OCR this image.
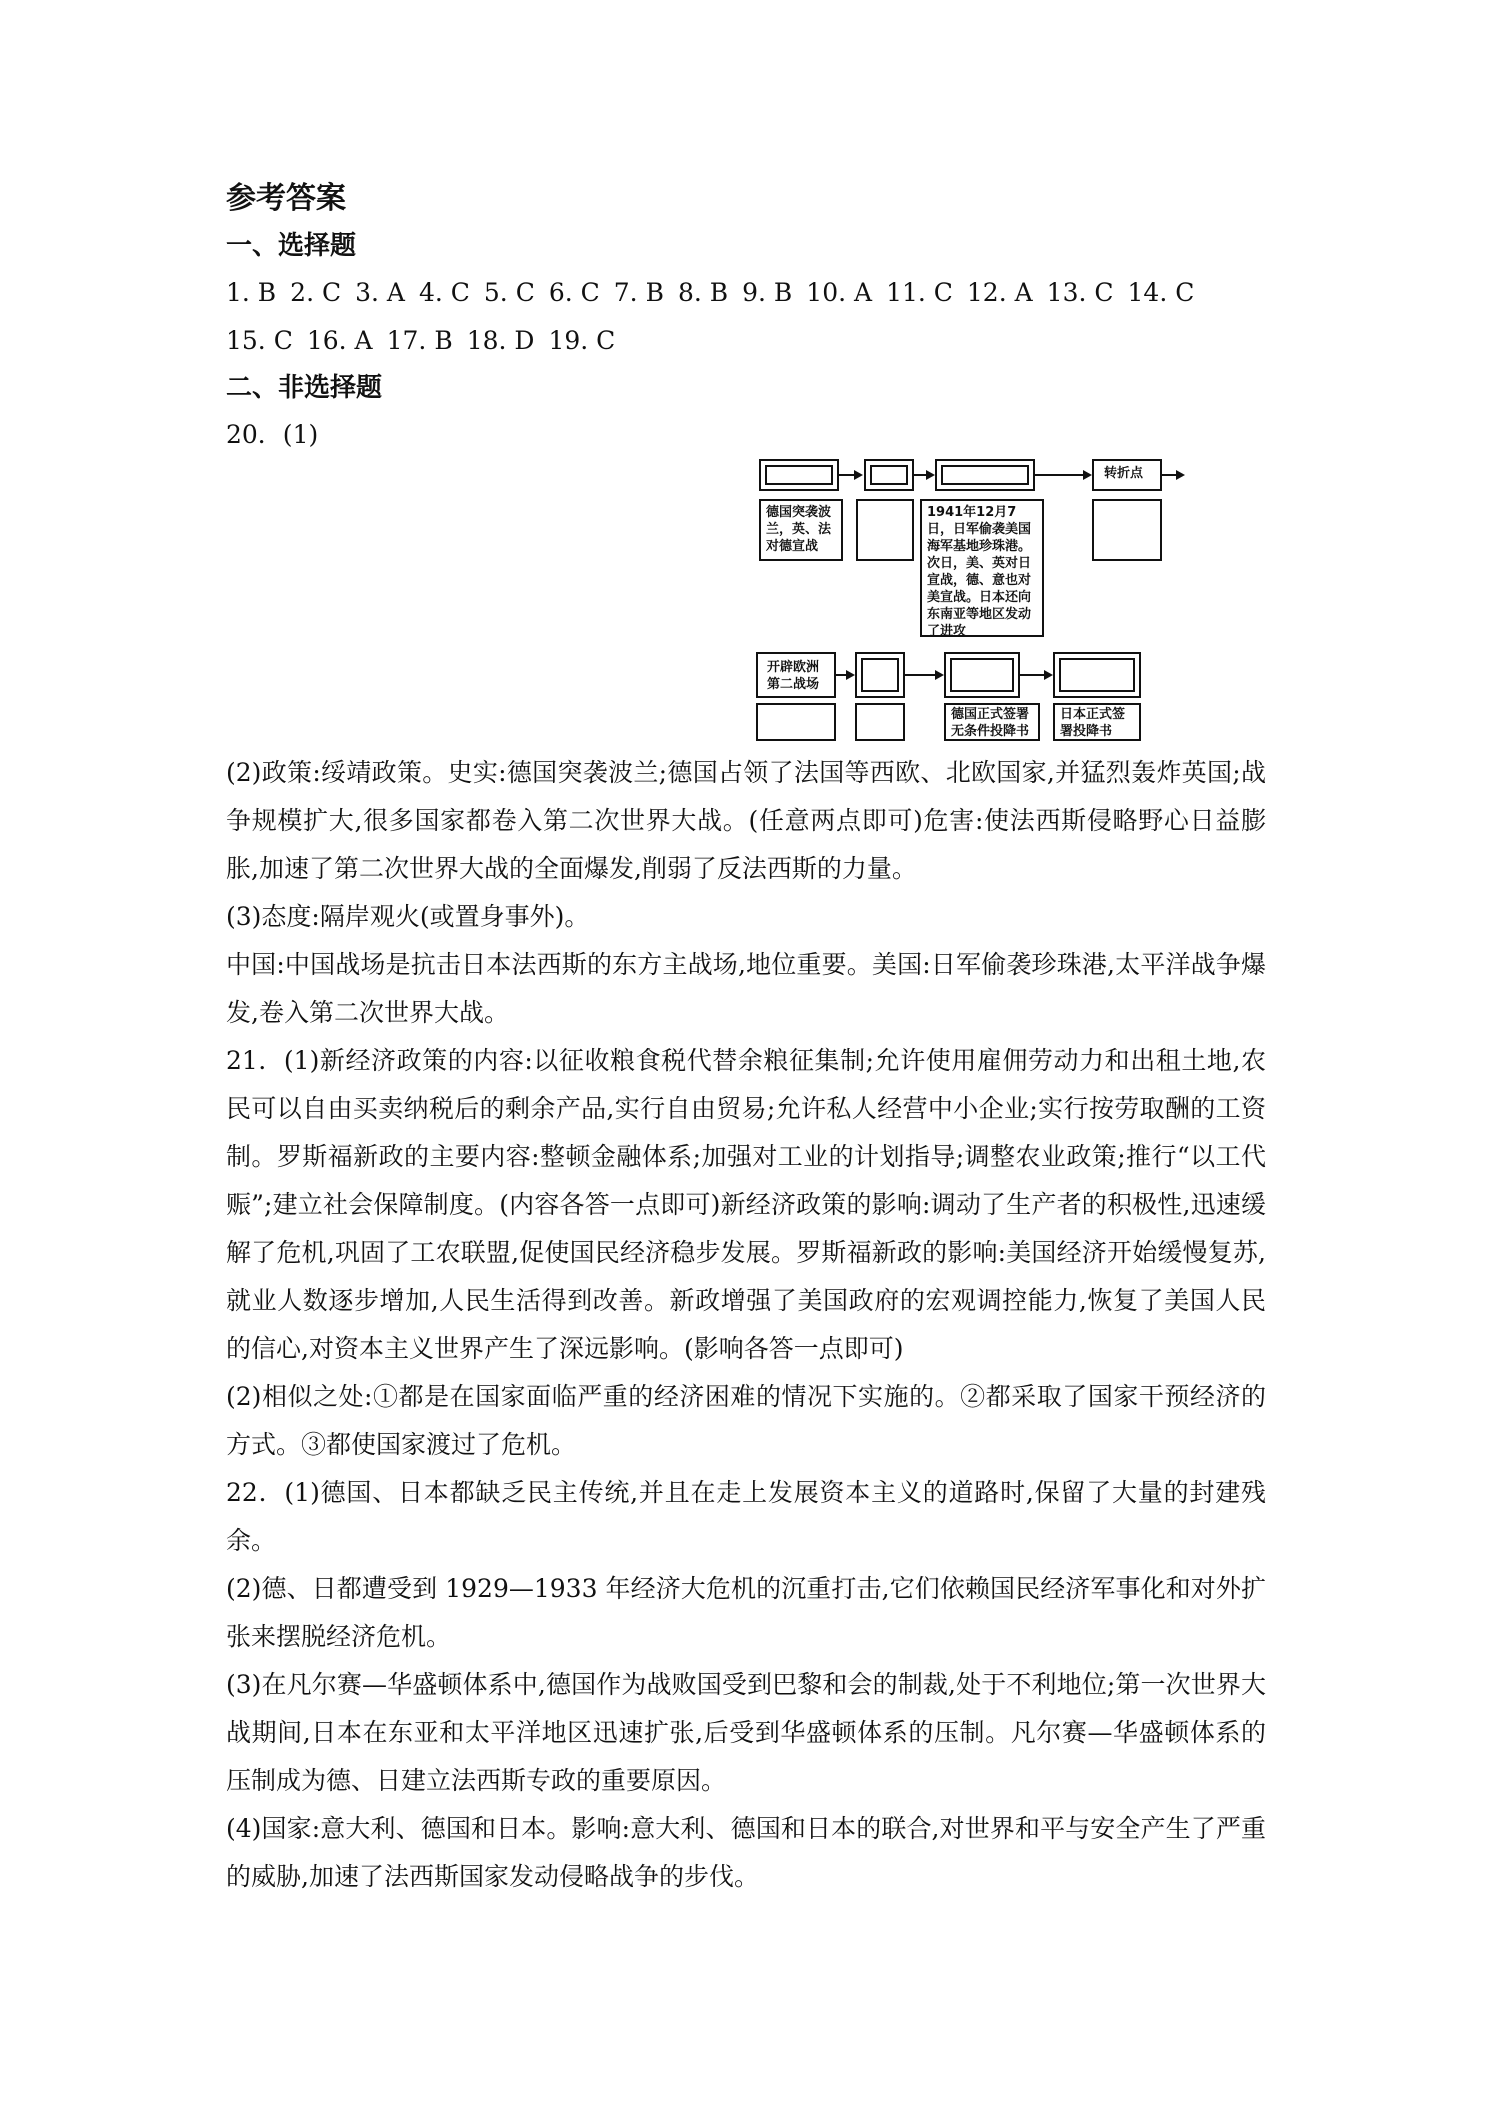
参考答案
一、选择题
1. B 2. C 3. A 4. C 5. C 6. C 7. B 8. B 9. B 10. A 11. C 12. A 13. C 14. C
15. C 16. A 17. B 18. D 19. C
二、非选择题
20．(1)
转折点
德国突袭波兰，英、法对德宣战
1941年12月7日，日军偷袭美国海军基地珍珠港。次日，美、英对日宣战，德、意也对美宣战。日本还向东南亚等地区发动了进攻
开辟欧洲第二战场
德国正式签署无条件投降书
日本正式签署投降书

(2)政策:绥靖政策。史实:德国突袭波兰;德国占领了法国等西欧、北欧国家,并猛烈轰炸英国;战争规模扩大,很多国家都卷入第二次世界大战。(任意两点即可)危害:使法西斯侵略野心日益膨胀,加速了第二次世界大战的全面爆发,削弱了反法西斯的力量。

(3)态度:隔岸观火(或置身事外)。

中国:中国战场是抗击日本法西斯的东方主战场,地位重要。美国:日军偷袭珍珠港,太平洋战争爆发,卷入第二次世界大战。

21．(1)新经济政策的内容:以征收粮食税代替余粮征集制;允许使用雇佣劳动力和出租土地,农民可以自由买卖纳税后的剩余产品,实行自由贸易;允许私人经营中小企业;实行按劳取酬的工资制。罗斯福新政的主要内容:整顿金融体系;加强对工业的计划指导;调整农业政策;推行“以工代赈”;建立社会保障制度。(内容各答一点即可)新经济政策的影响:调动了生产者的积极性,迅速缓解了危机,巩固了工农联盟,促使国民经济稳步发展。罗斯福新政的影响:美国经济开始缓慢复苏,就业人数逐步增加,人民生活得到改善。新政增强了美国政府的宏观调控能力,恢复了美国人民的信心,对资本主义世界产生了深远影响。(影响各答一点即可)

(2)相似之处:①都是在国家面临严重的经济困难的情况下实施的。②都采取了国家干预经济的方式。③都使国家渡过了危机。

22．(1)德国、日本都缺乏民主传统,并且在走上发展资本主义的道路时,保留了大量的封建残余。

(2)德、日都遭受到 1929—1933 年经济大危机的沉重打击,它们依赖国民经济军事化和对外扩张来摆脱经济危机。

(3)在凡尔赛—华盛顿体系中,德国作为战败国受到巴黎和会的制裁,处于不利地位;第一次世界大战期间,日本在东亚和太平洋地区迅速扩张,后受到华盛顿体系的压制。凡尔赛—华盛顿体系的压制成为德、日建立法西斯专政的重要原因。

(4)国家:意大利、德国和日本。影响:意大利、德国和日本的联合,对世界和平与安全产生了严重的威胁,加速了法西斯国家发动侵略战争的步伐。
